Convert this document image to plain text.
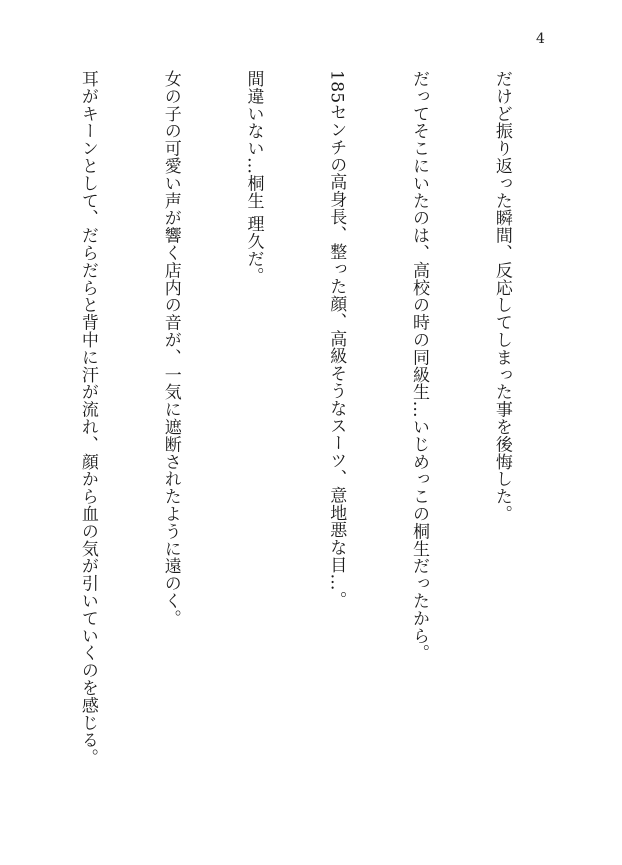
4

だけど振り返った瞬間、反応してしまった事を後悔した。

だってそこにいたのは、高校の時の同級生…いじめっこの桐生だったから。

185センチの高身長、整った顔、高級そうなスーツ、意地悪な目…。

間違いない…桐生 理久だ。

女の子の可愛い声が響く店内の音が、一気に遮断されたように遠のく。

耳がキーンとして、だらだらと背中に汗が流れ、顔から血の気が引いていくのを感じる。
